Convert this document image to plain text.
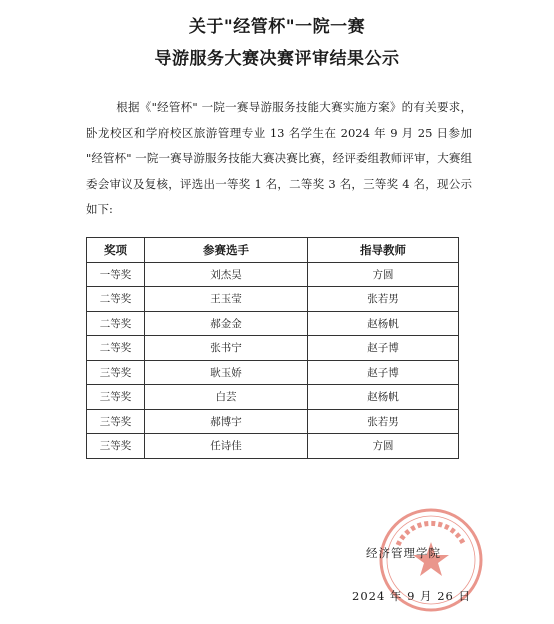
关于"经管杯"一院一赛
导游服务大赛决赛评审结果公示
根据《"经管杯" 一院一赛导游服务技能大赛实施方案》的有关要求，卧龙校区和学府校区旅游管理专业 13 名学生在 2024 年 9 月 25 日参加 "经管杯" 一院一赛导游服务技能大赛决赛比赛，经评委组教师评审，大赛组委会审议及复核，评选出一等奖 1 名，二等奖 3 名，三等奖 4 名，现公示如下:
奖项	参赛选手	指导教师
一等奖	刘杰昊	方圆
二等奖	王玉莹	张若男
二等奖	郝金金	赵杨帆
二等奖	张书宁	赵子博
三等奖	耿玉娇	赵子博
三等奖	白芸	赵杨帆
三等奖	郝博宇	张若男
三等奖	任诗佳	方圆
经济管理学院
2024 年 9 月 26 日
